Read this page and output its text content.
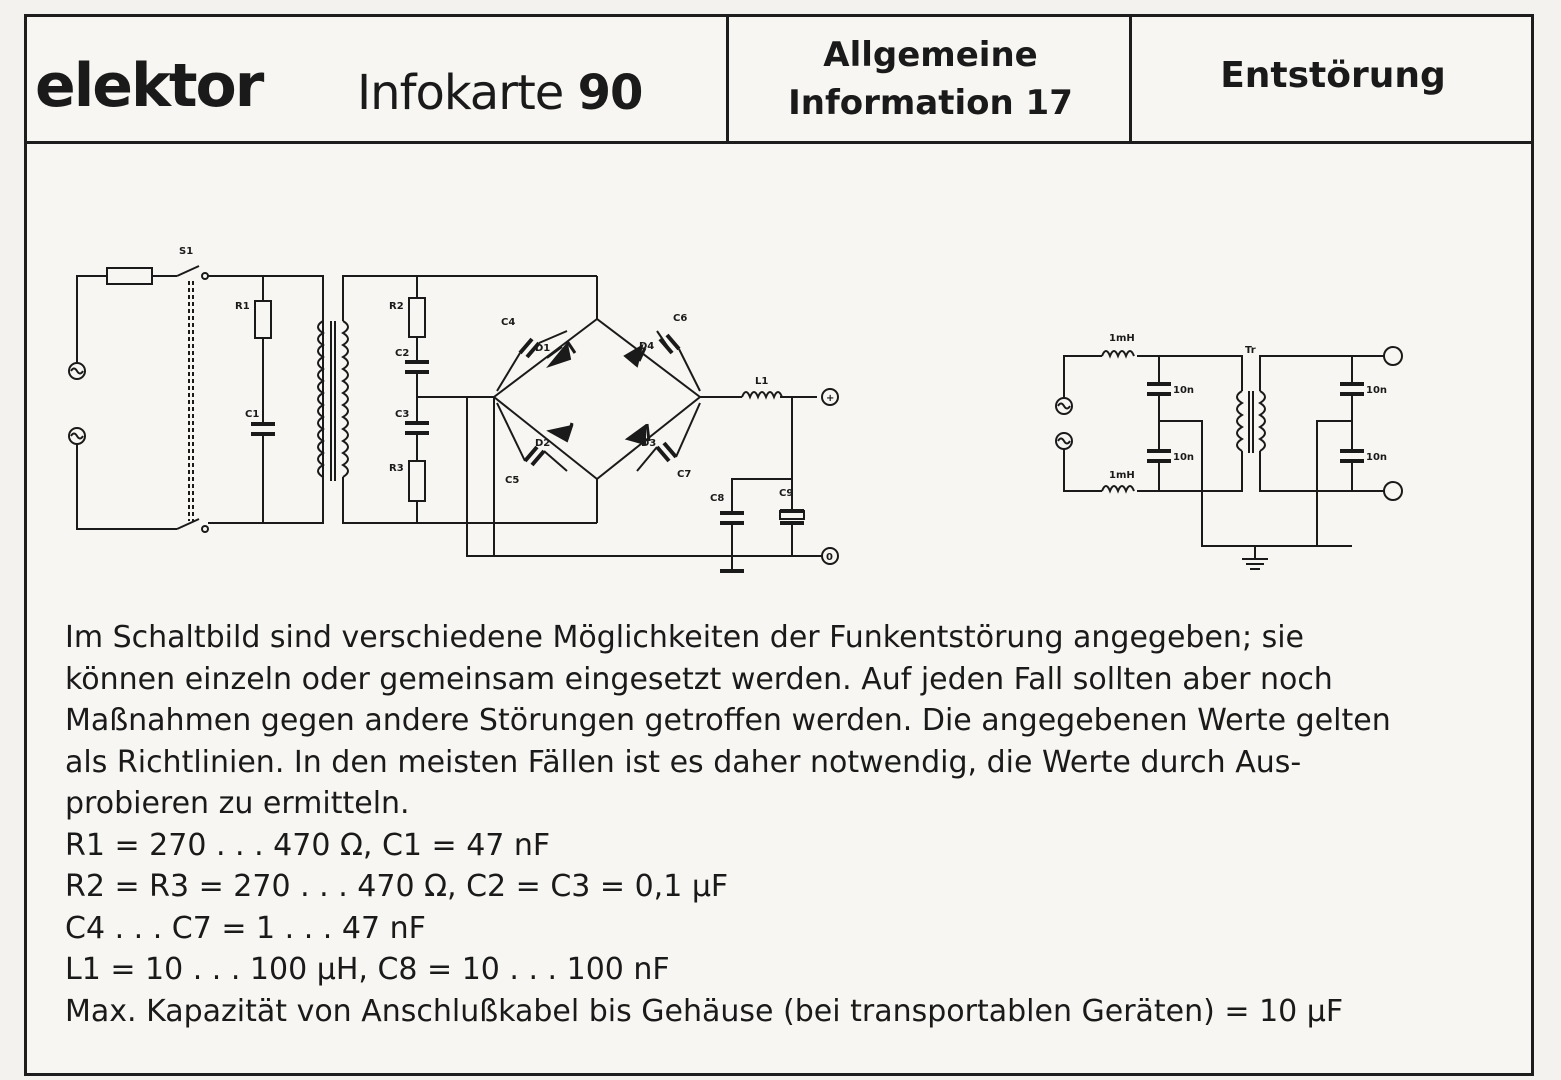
elektor Infokarte 90
Allgemeine
Information 17
Entstörung
S1
R1
C1
R2
C2
C3
R3
C4
D1
C6
D4
D2
C5
D3
C7
L1
C8	C9
+
0
1mH
1mH
Tr
10n
10n
10n
10n

Im Schaltbild sind verschiedene Möglichkeiten der Funkentstörung angegeben; sie

können einzeln oder gemeinsam eingesetzt werden. Auf jeden Fall sollten aber noch

Maßnahmen gegen andere Störungen getroffen werden. Die angegebenen Werte gelten

als Richtlinien. In den meisten Fällen ist es daher notwendig, die Werte durch Aus-

probieren zu ermitteln.

R1 = 270 . . . 470 Ω, C1 = 47 nF

R2 = R3 = 270 . . . 470 Ω, C2 = C3 = 0,1 μF

C4 . . . C7 = 1 . . . 47 nF

L1 = 10 . . . 100 μH, C8 = 10 . . . 100 nF

Max. Kapazität von Anschlußkabel bis Gehäuse (bei transportablen Geräten) = 10 μF
